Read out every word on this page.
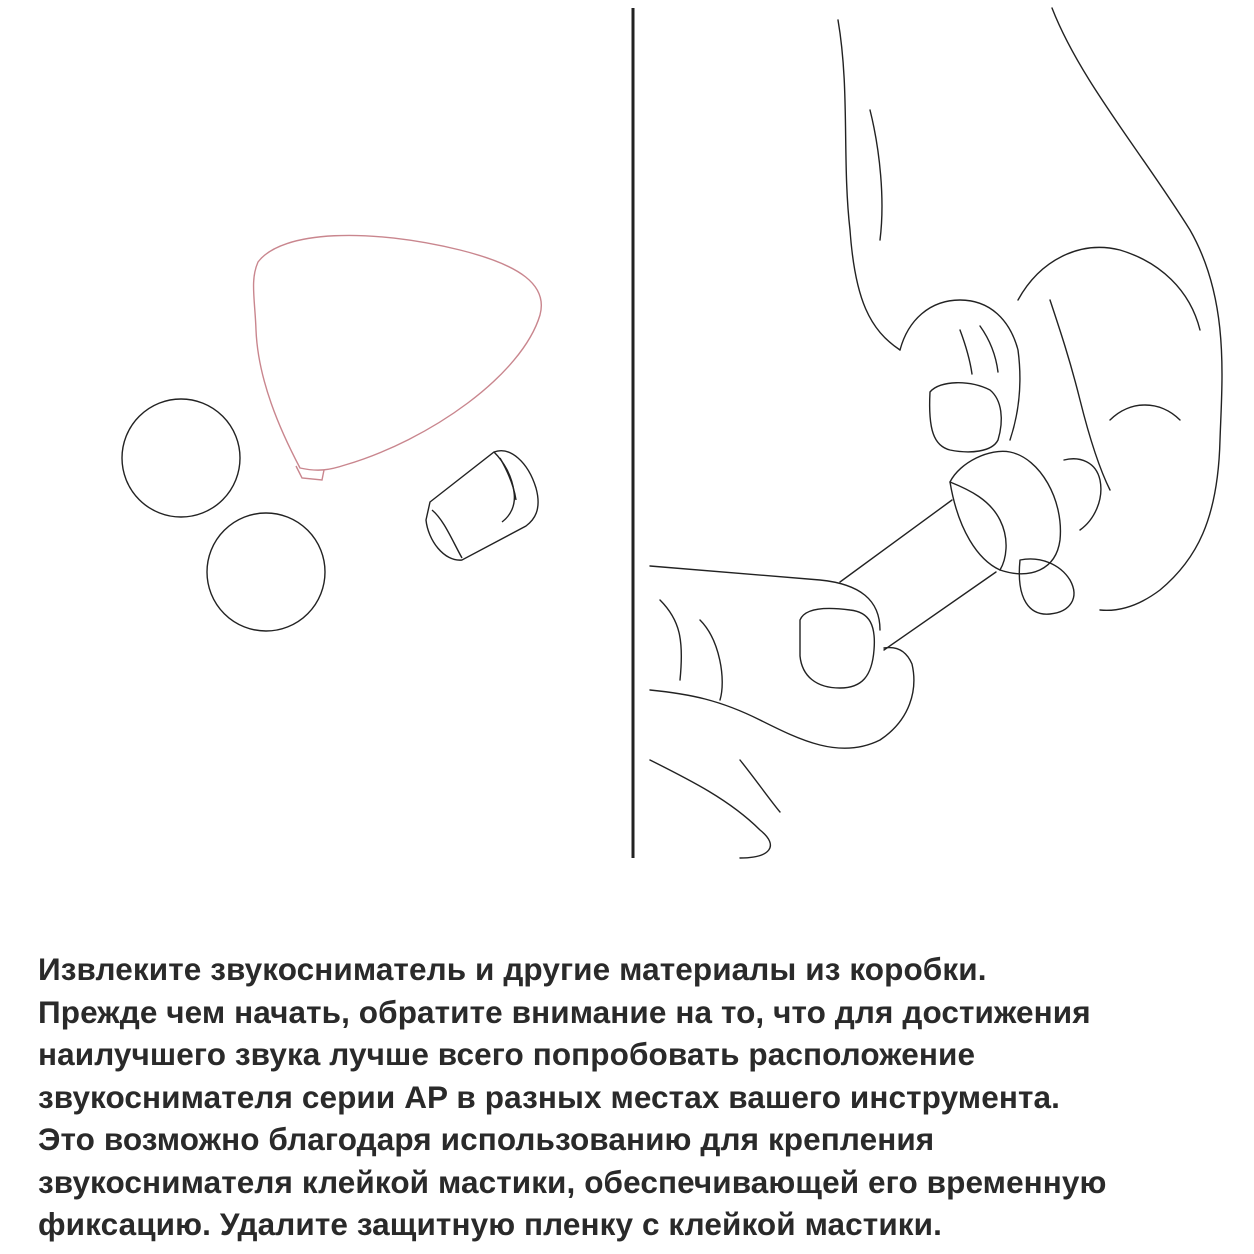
Извлеките звукосниматель и другие материалы из коробки.
Прежде чем начать, обратите внимание на то, что для достижения
наилучшего звука лучше всего попробовать расположение
звукоснимателя серии AP в разных местах вашего инструмента.
Это возможно благодаря использованию для крепления
звукоснимателя клейкой мастики, обеспечивающей его временную
фиксацию. Удалите защитную пленку с клейкой мастики.
